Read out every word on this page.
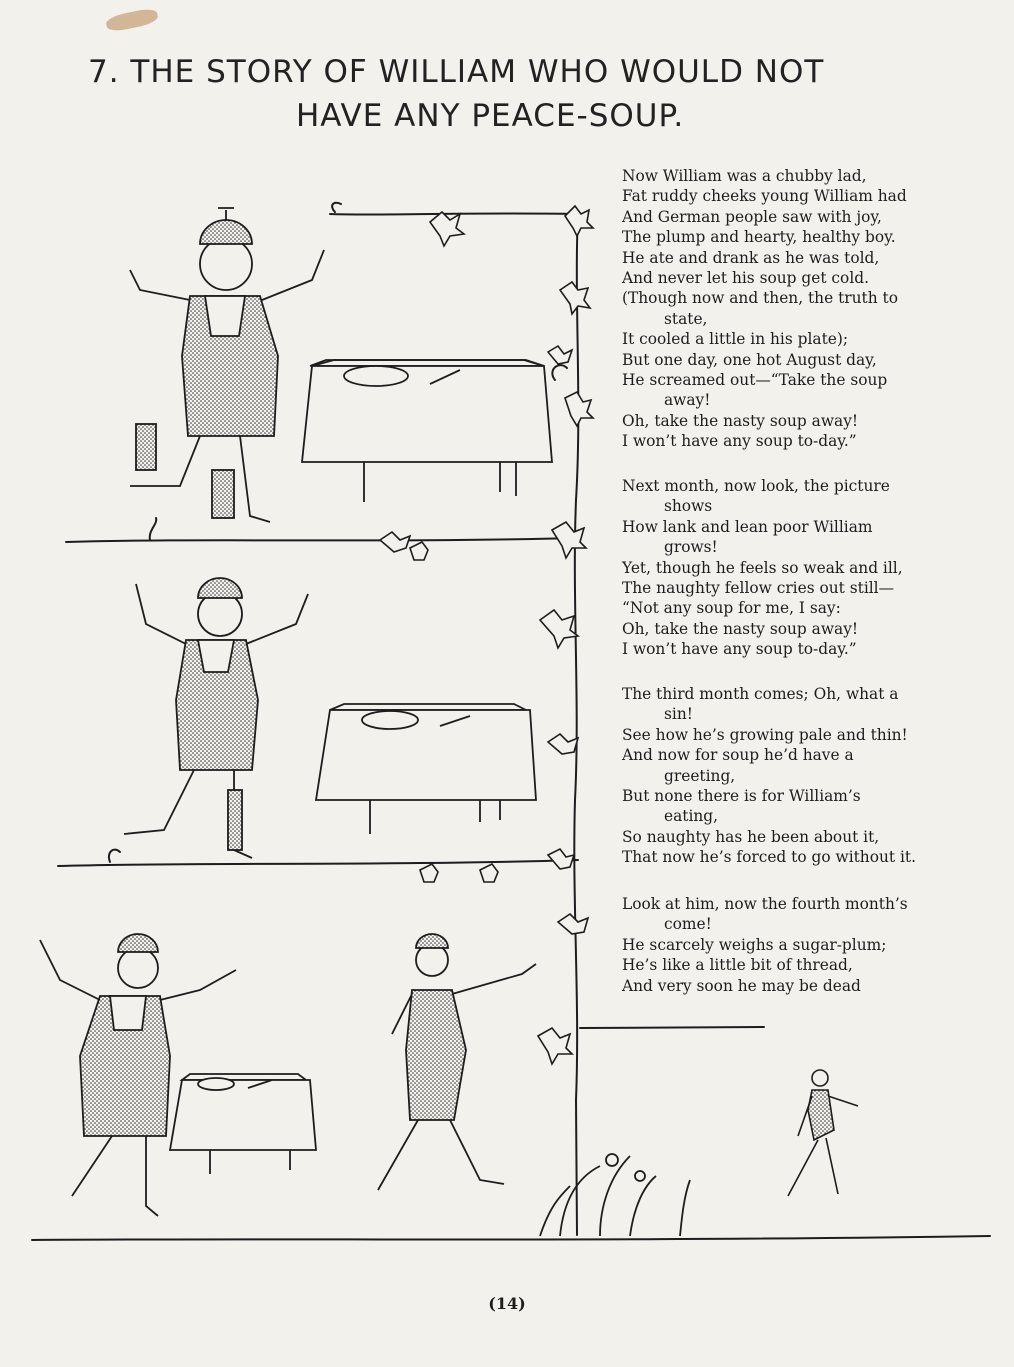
7. THE STORY OF WILLIAM WHO WOULD NOT
HAVE ANY PEACE-SOUP.
Now William was a chubby lad,
Fat ruddy cheeks young William had
And German people saw with joy,
The plump and hearty, healthy boy.
He ate and drank as he was told,
And never let his soup get cold.
(Though now and then, the truth to
state,
It cooled a little in his plate);
But one day, one hot August day,
He screamed out—“Take the soup
away!
Oh, take the nasty soup away!
I won’t have any soup to-day.”
Next month, now look, the picture
shows
How lank and lean poor William
grows!
Yet, though he feels so weak and ill,
The naughty fellow cries out still—
“Not any soup for me, I say:
Oh, take the nasty soup away!
I won’t have any soup to-day.”
The third month comes; Oh, what a
sin!
See how he’s growing pale and thin!
And now for soup he’d have a
greeting,
But none there is for William’s
eating,
So naughty has he been about it,
That now he’s forced to go without it.
Look at him, now the fourth month’s
come!
He scarcely weighs a sugar-plum;
He’s like a little bit of thread,
And very soon he may be dead
(14)
